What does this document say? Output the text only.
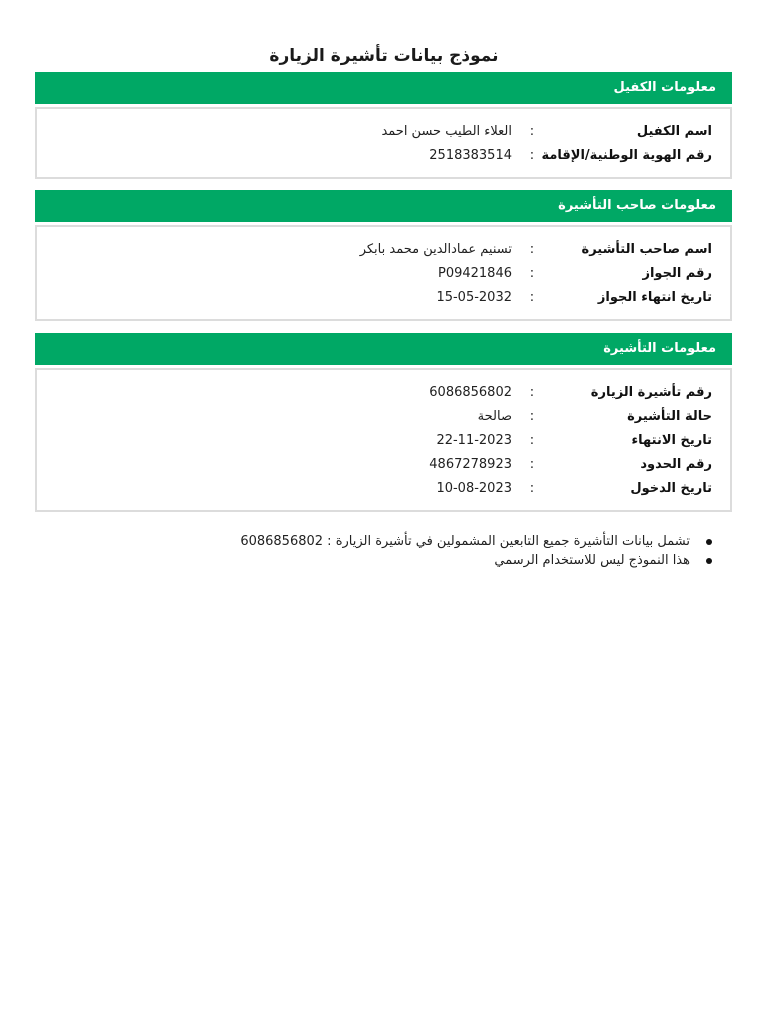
نموذج بيانات تأشيرة الزيارة
معلومات الكفيل
اسم الكفيل
:
العلاء الطيب حسن احمد
رقم الهوية الوطنية/الإقامة
:
2518383514
معلومات صاحب التأشيرة
اسم صاحب التأشيرة
:
تسنيم عمادالدين محمد بابكر
رقم الجواز
:
P09421846
تاريخ انتهاء الجواز
:
15-05-2032
معلومات التأشيرة
رقم تأشيرة الزيارة
:
6086856802
حالة التأشيرة
:
صالحة
تاريخ الانتهاء
:
22-11-2023
رقم الحدود
:
4867278923
تاريخ الدخول
:
10-08-2023
تشمل بيانات التأشيرة جميع التابعين المشمولين في تأشيرة الزيارة : 6086856802
هذا النموذج ليس للاستخدام الرسمي
